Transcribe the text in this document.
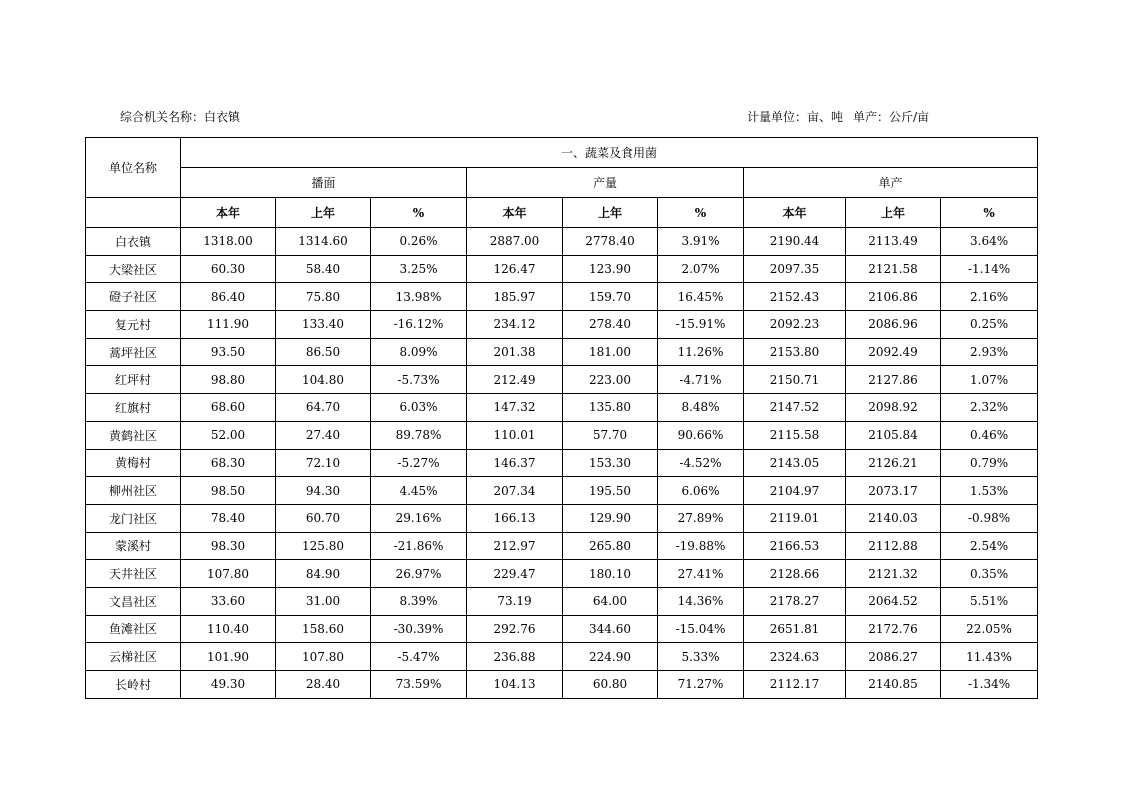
综合机关名称：白衣镇	计量单位：亩、吨 单产：公斤/亩
单位名称	一、蔬菜及食用菌								
	播面			产量			单产		
	本年	上年	%	本年	上年	%	本年	上年	%
白衣镇	1318.00	1314.60	0.26%	2887.00	2778.40	3.91%	2190.44	2113.49	3.64%
大梁社区	60.30	58.40	3.25%	126.47	123.90	2.07%	2097.35	2121.58	-1.14%
磴子社区	86.40	75.80	13.98%	185.97	159.70	16.45%	2152.43	2106.86	2.16%
复元村	111.90	133.40	-16.12%	234.12	278.40	-15.91%	2092.23	2086.96	0.25%
蒿坪社区	93.50	86.50	8.09%	201.38	181.00	11.26%	2153.80	2092.49	2.93%
红坪村	98.80	104.80	-5.73%	212.49	223.00	-4.71%	2150.71	2127.86	1.07%
红旗村	68.60	64.70	6.03%	147.32	135.80	8.48%	2147.52	2098.92	2.32%
黄鹤社区	52.00	27.40	89.78%	110.01	57.70	90.66%	2115.58	2105.84	0.46%
黄梅村	68.30	72.10	-5.27%	146.37	153.30	-4.52%	2143.05	2126.21	0.79%
柳州社区	98.50	94.30	4.45%	207.34	195.50	6.06%	2104.97	2073.17	1.53%
龙门社区	78.40	60.70	29.16%	166.13	129.90	27.89%	2119.01	2140.03	-0.98%
蒙溪村	98.30	125.80	-21.86%	212.97	265.80	-19.88%	2166.53	2112.88	2.54%
天井社区	107.80	84.90	26.97%	229.47	180.10	27.41%	2128.66	2121.32	0.35%
文昌社区	33.60	31.00	8.39%	73.19	64.00	14.36%	2178.27	2064.52	5.51%
鱼滩社区	110.40	158.60	-30.39%	292.76	344.60	-15.04%	2651.81	2172.76	22.05%
云梯社区	101.90	107.80	-5.47%	236.88	224.90	5.33%	2324.63	2086.27	11.43%
长岭村	49.30	28.40	73.59%	104.13	60.80	71.27%	2112.17	2140.85	-1.34%
